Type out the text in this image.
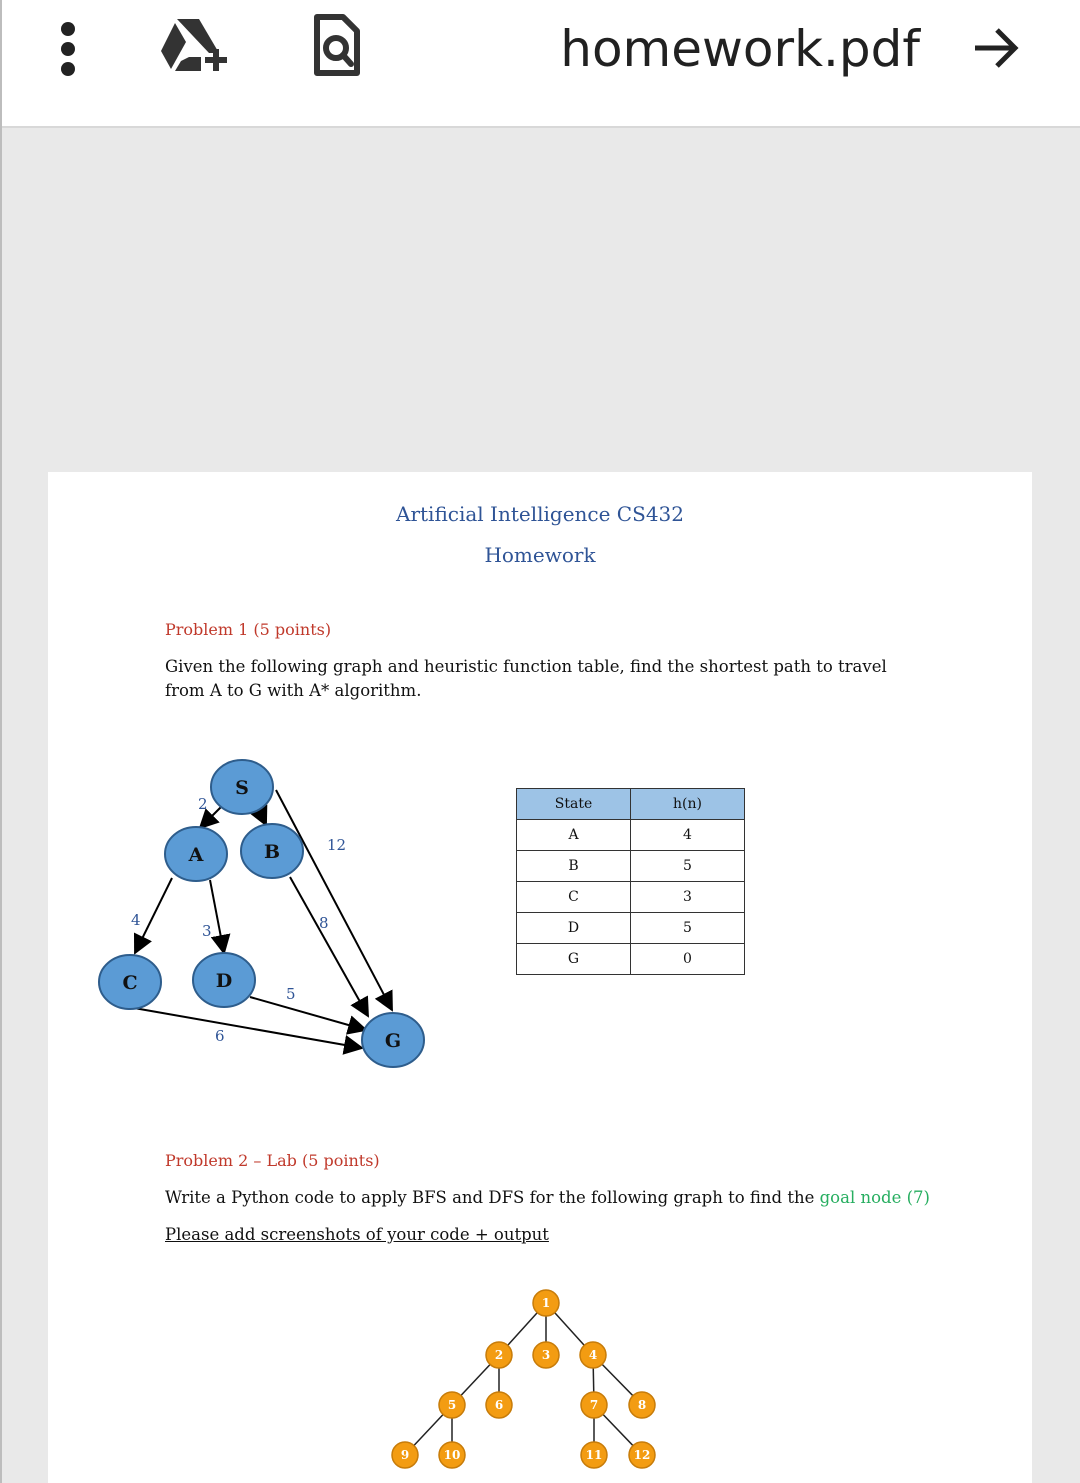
homework.pdf
Artificial Intelligence CS432
Homework
Problem 1 (5 points)
Given the following graph and heuristic function table, find the shortest path to travel from A to G with A* algorithm.
2
12
4
3	8
5
6
S
A	B
C	D
G
State	h(n)
A	4
B	5
C	3
D	5
G	0
Problem 2 – Lab (5 points)
Write a Python code to apply BFS and DFS for the following graph to find the goal node (7)
Please add screenshots of your code + output
1
2	3	4
5	6	7	8
9	10	11	12
